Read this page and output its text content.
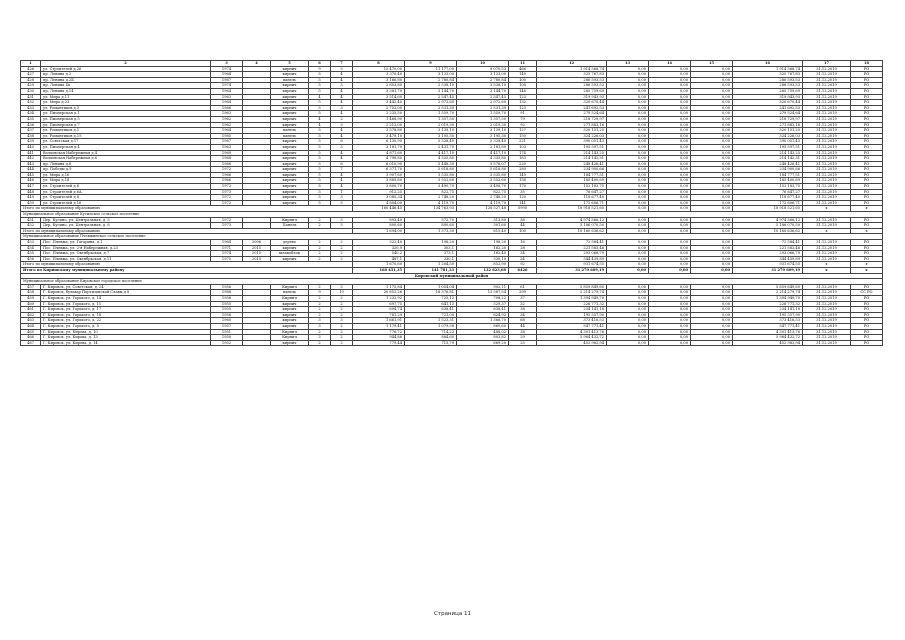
1	2	3	4	5	6	7	8	9	10	11	12	13	14	15	16	17	18
426	ул. Строителей д.26	1974		кирпич	9	5	15 470,00	11 177,00	9 070,53	466	1 914 568,74	0,00	0,00	0,00	1 914 568,74	31.12.2019	РО
427	пр. Ленина д.2	1964		кирпич	5	4	3 370,40	3 133,00	3 133,00	149	325 767,83	0,00	0,00	0,00	325 767,83	31.12.2019	РО
428	пр. Ленина д.2Б	1987		панель	5	4	3 166,80	2 780,84	2 780,84	100	286 593,53	0,00	0,00	0,00	286 593,53	31.12.2019	РО
429	пр. Ленина 4а	1974		кирпич	5	3	2 803,80	2 538,10	2 538,10	108	286 593,53	0,00	0,00	0,00	286 593,53	31.12.2019	РО
430	пр. Ленина д.14	1964		кирпич	5	4	3 381,70	3 144,70	3 144,70	146	285 759,69	0,00	0,00	0,00	285 759,69	31.12.2019	РО
431	ул. Мира д.11	1963		кирпич	4	4	3 514,60	2 547,45	2 547,45	123	319 943,93	0,00	0,00	0,00	319 943,93	31.12.2019	РО
432	ул. Мира д.23	1964		кирпич	5	4	3 442,40	2 972,60	2 972,60	132	320 670,44	0,00	0,00	0,00	320 670,44	31.12.2019	РО
433	ул. Романтиков д.5	1966		кирпич	5	3	2 752,00	2 531,39	2 531,39	123	241 692,53	0,00	0,00	0,00	241 692,53	31.12.2019	РО
434	ул. Пионерская д.1	1963		кирпич	5	4	2 235,50	1 559,70	1 559,70	91	279 524,64	0,00	0,00	0,00	279 524,64	31.12.2019	РО
435	ул. Пионерская д.5	1962		кирпич	4	2	1 468,90	1 357,50	1 357,50	79	218 729,97	0,00	0,00	0,00	218 729,97	31.12.2019	РО
436	ул. Пионерская д.7	1962		кирпич	4	3	2 212,00	2 019,30	2 019,30	92	271 883,16	0,00	0,00	0,00	271 883,16	31.12.2019	РО
437	ул. Романтиков д.1	1964		панель	5	4	3 578,80	3 139,10	3 139,10	127	320 151,25	0,00	0,00	0,00	320 151,25	31.12.2019	РО
438	ул. Романтиков д.15	1985		панель	5	4	3 479,10	3 195,30	3 195,30	150	324 226,03	0,00	0,00	0,00	324 226,03	31.12.2019	РО
439	ул. Советская д.17	1967		кирпич	5	6	6 130,90	5 328,40	5 328,40	221	390 051,43	0,00	0,00	0,00	390 051,43	31.12.2019	РО
440	ул. Пионерская д.4	1963		кирпич	5	3	3 181,70	2 431,70	2 181,80	103	195 597,51	0,00	0,00	0,00	195 597,51	31.12.2019	РО
441	Волховская Набережная д.4	1969		кирпич	5	4	4 871,60	4 417,10	4 417,10	174	214 143,25	0,00	0,00	0,00	214 143,25	31.12.2019	РО
442	Волховская Набережная д.6	1968		кирпич	5	4	4 798,80	4 335,80	4 335,80	183	214 142,31	0,00	0,00	0,00	214 142,31	31.12.2019	РО
443	пр. Ленина д.8	1966		кирпич	5	6	6 010,90	5 448,30	5 570,07	220	248 426,41	0,00	0,00	0,00	248 426,41	31.12.2019	РО
444	пр. Победы д.9	1972		кирпич	5	7	6 371,70	5 618,80	5 618,80	289	234 900,66	0,00	0,00	0,00	234 900,66	31.12.2019	РО
445	ул. Мира д.16	1966		кирпич	5	4	3 907,60	3 535,80	3 535,80	149	184 777,51	0,00	0,00	0,00	184 777,51	31.12.2019	РО
446	ул. Мира д.18	1966		кирпич	5	4	3 885,80	3 552,60	3 552,60	158	185 400,69	0,00	0,00	0,00	185 400,69	31.12.2019	РО
447	ул. Строителей д.6	1972		кирпич	5	4	3 800,70	3 490,70	3 490,70	170	152 183,75	0,00	0,00	0,00	152 183,75	31.12.2019	РО
448	ул. Строителей д.6А	1973		кирпич	5	1	912,25	822,75	822,75	35	76 647,27	0,00	0,00	0,00	76 647,27	31.12.2019	РО
449	ул. Строителей д.8	1972		кирпич	5	3	3 085,34	2 748,20	2 748,20	120	118 677,40	0,00	0,00	0,00	118 677,40	31.12.2019	РО
450	ул. Строителей д.16	1972		кирпич	5	5	4 804,00	4 119,70	4 119,70	141	172 606,71	0,00	0,00	0,00	172 606,71	31.12.2019	РО
Итого по муниципальному образованию							160 446,45	134 763,93	128 527,48	5995	18 918 521,65	0,00	0,00	0,00	18 918 521,65	х	х
Муниципальное образование Кусинское сельское поселение																	
451	Дер. Кусино, ул. Центральная, д. 5	1972		Кирпич	2	3	893,40	572,70	313,80	56	4 974 566,12	0,00	0,00	0,00	4 974 566,12	31.12.2019	РО
452	Дер. Кусино, ул. Центральная, д. 6	1973		Панель	2	3	800,60	800,60	301,60	44	5 186 070,50	0,00	0,00	0,00	5 186 070,50	31.12.2019	РО
Итого по муниципальному образованию							1 694,00	1 373,30	615,40	100	10 160 636,62	0,00	0,00	0,00	10 160 636,62	х	х
Муниципальное образование Пчевжинское сельское поселение																	
453	Пос. Пчевжа, ул. Гагарина, д.1	1964	2006	дерево	2	2	322,40	198,20	198,20	16	72 584,41	0,00	0,00	0,00	72 584,41	31.12.2019	РО
454	Пос. Пчевжа, ул. 2-я Набережная, д.23	1971	2015	кирпич	2	2	320,9	303,1	162,20	28	221 583,46	0,00	0,00	0,00	221 583,46	31.12.2019	РО
455	Пос. Пчевжа, ул. Октябрьская, д.7	1974	2015	шлакоблок	2	2	540,2	373,1	162,40	24	293 066,79	0,00	0,00	0,00	293 066,79	31.12.2019	РО
456	Пос. Пчевжа, ул. Октябрьская, д.11	1975	2015	кирпич	2	2	487,1	330,1	330,10	24	344 439,89	0,00	0,00	0,00	344 439,89	31.12.2019	РО
Итого по муниципальному образованию							1 670,60	1 204,50	852,90	92	931 674,55	0,00	0,00	0,00	931 674,55	х	х
Итого по Киришскому муниципальному району							168 451,35	141 781,33	132 823,68	6426	31 270 609,19	0,00	0,00	0,00	31 270 609,19	х	х
Кировский муниципальный район																	
Муниципальное образование Кировское городское поселение																	
457	Г. Кировск, ул. Советская, д. 24	1956		Кирпич	2	3	1 175,84	1 054,04	902,11	61	5 859 849,60	0,00	0,00	0,00	5 859 849,60	31.12.2019	РО
458	Г. Кировск, бульвар Партизанской Славы,д.8	1988		панель	9	10	20 852,26	18 376,81	13 587,54	299	2 214 279,74	0,00	0,00	0,00	2 214 279,74	31.12.2019	СС РО
459	Г. Кировск, ул. Горького, д. 14	1956		Кирпич	2	2	1 232,92	725,12	708,22	37	1 394 949,70	0,00	0,00	0,00	1 394 949,70	31.12.2019	РО
460	Г. Кировск, ул. Горького, д. 15	1955		кирпич	2	2	697,75	641,13	529,37	32	226 771,32	0,00	0,00	0,00	226 771,32	31.12.2019	РО
461	Г. Кировск, ул. Горького, д. 17	1955		кирпич	2	2	694,74	638,41	638,41	38	234 141,18	0,00	0,00	0,00	234 141,18	31.12.2019	РО
462	Г. Кировск, ул. Горького, д. 18	1956		кирпич	2	2	781,29	721,00	624,92	34	195 557,90	0,00	0,00	0,00	195 557,90	31.12.2019	РО
463	Г. Кировск, ул. Горького, д. 22	1960		кирпич	3	3	1 661,91	1 523,31	1 366,70	68	373 416,53	0,00	0,00	0,00	373 416,53	31.12.2019	РО
464	Г. Кировск, ул. Горького, д. 5	1957		кирпич	3	2	1 179,41	1 079,58	860,60	44	547 771,41	0,00	0,00	0,00	547 771,41	31.12.2019	РО
465	Г. Кировск, ул. Кирова, д. 10	1951		Кирпич	2	2	776,72	714,23	488,02	38	4 301 413,76	0,00	0,00	0,00	4 301 413,76	31.12.2019	РО
466	Г. Кировск, ул. Кирова, д. 13	1950		Кирпич	3	2	944,86	884,60	803,82	29	5 964 432,72	0,00	0,00	0,00	5 964 432,72	31.12.2019	РО
467	Г. Кировск, ул. Кирова, д. 14	1952		кирпич	2	2	779,44	715,79	669,20	25	452 982,94	0,00	0,00	0,00	452 982,94	31.12.2019	РО
Страница 11
